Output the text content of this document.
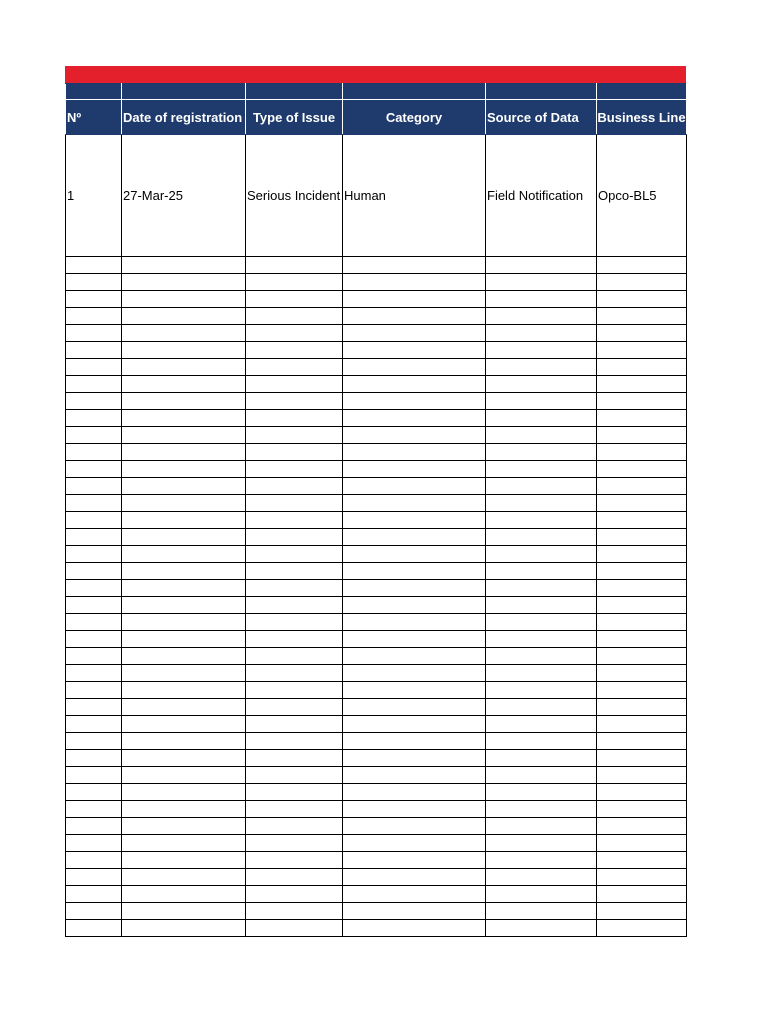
Nº	Date of registration	Type of Issue	Category	Source of Data	Business Line
1	27-Mar-25	Serious Incident	Human	Field Notification	Opco-BL5
